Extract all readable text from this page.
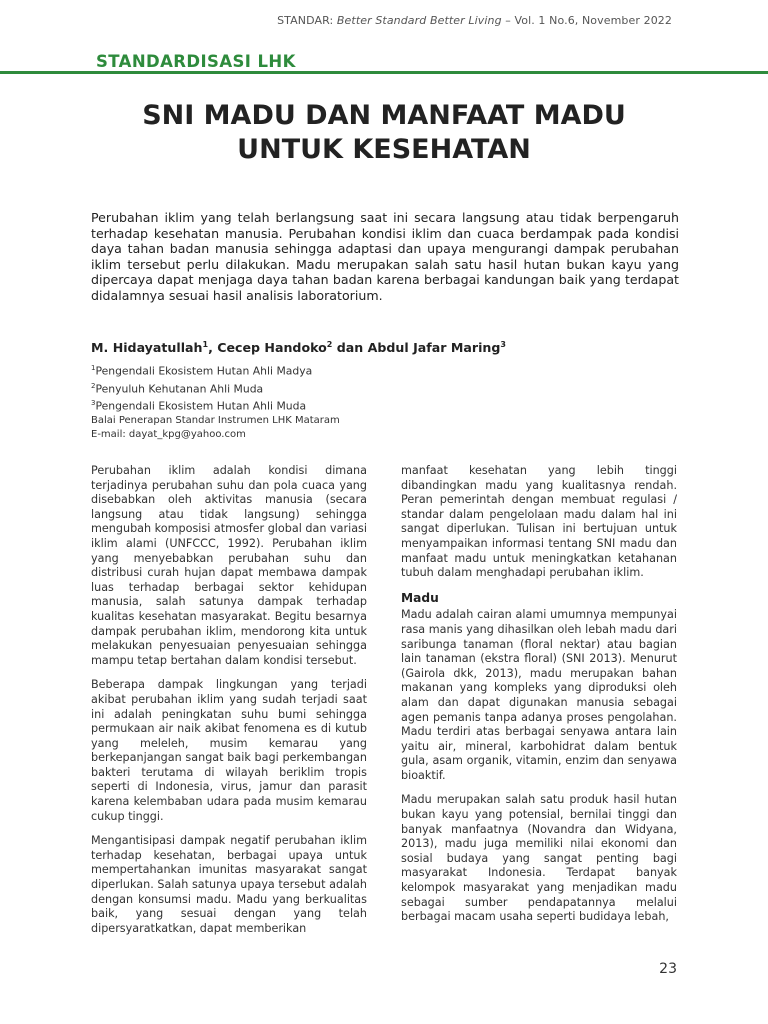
STANDAR: Better Standard Better Living – Vol. 1 No.6, November 2022
STANDARDISASI LHK
SNI MADU DAN MANFAAT MADU
UNTUK KESEHATAN

Perubahan iklim yang telah berlangsung saat ini secara langsung atau tidak berpengaruh terhadap kesehatan manusia. Perubahan kondisi iklim dan cuaca berdampak pada kondisi daya tahan badan manusia sehingga adaptasi dan upaya mengurangi dampak perubahan iklim tersebut perlu dilakukan. Madu merupakan salah satu hasil hutan bukan kayu yang dipercaya dapat menjaga daya tahan badan karena berbagai kandungan baik yang terdapat didalamnya sesuai hasil analisis laboratorium.

M. Hidayatullah$^1$, Cecep Handoko$^2$ dan Abdul Jafar Maring$^3$
$^1$Pengendali Ekosistem Hutan Ahli Madya
$^2$Penyuluh Kehutanan Ahli Muda
$^3$Pengendali Ekosistem Hutan Ahli Muda
Balai Penerapan Standar Instrumen LHK Mataram
E-mail: dayat_kpg@yahoo.com

Perubahan iklim adalah kondisi dimana terjadinya perubahan suhu dan pola cuaca yang disebabkan oleh aktivitas manusia (secara langsung atau tidak langsung) sehingga mengubah komposisi atmosfer global dan variasi iklim alami (UNFCCC, 1992). Perubahan iklim yang menyebabkan perubahan suhu dan distribusi curah hujan dapat membawa dampak luas terhadap berbagai sektor kehidupan manusia, salah satunya dampak terhadap kualitas kesehatan masyarakat. Begitu besarnya dampak perubahan iklim, mendorong kita untuk melakukan penyesuaian penyesuaian sehingga mampu tetap bertahan dalam kondisi tersebut.

Beberapa dampak lingkungan yang terjadi akibat perubahan iklim yang sudah terjadi saat ini adalah peningkatan suhu bumi sehingga permukaan air naik akibat fenomena es di kutub yang meleleh, musim kemarau yang berkepanjangan sangat baik bagi perkembangan bakteri terutama di wilayah beriklim tropis seperti di Indonesia, virus, jamur dan parasit karena kelembaban udara pada musim kemarau cukup tinggi.

Mengantisipasi dampak negatif perubahan iklim terhadap kesehatan, berbagai upaya untuk mempertahankan imunitas masyarakat sangat diperlukan. Salah satunya upaya tersebut adalah dengan konsumsi madu. Madu yang berkualitas baik, yang sesuai dengan yang telah dipersyaratkatkan, dapat memberikan

manfaat kesehatan yang lebih tinggi dibandingkan madu yang kualitasnya rendah. Peran pemerintah dengan membuat regulasi / standar dalam pengelolaan madu dalam hal ini sangat diperlukan. Tulisan ini bertujuan untuk menyampaikan informasi tentang SNI madu dan manfaat madu untuk meningkatkan ketahanan tubuh dalam menghadapi perubahan iklim.

Madu

Madu adalah cairan alami umumnya mempunyai rasa manis yang dihasilkan oleh lebah madu dari saribunga tanaman (floral nektar) atau bagian lain tanaman (ekstra floral) (SNI 2013). Menurut (Gairola dkk, 2013), madu merupakan bahan makanan yang kompleks yang diproduksi oleh alam dan dapat digunakan manusia sebagai agen pemanis tanpa adanya proses pengolahan. Madu terdiri atas berbagai senyawa antara lain yaitu air, mineral, karbohidrat dalam bentuk gula, asam organik, vitamin, enzim dan senyawa bioaktif.

Madu merupakan salah satu produk hasil hutan bukan kayu yang potensial, bernilai tinggi dan banyak manfaatnya (Novandra dan Widyana, 2013), madu juga memiliki nilai ekonomi dan sosial budaya yang sangat penting bagi masyarakat Indonesia. Terdapat banyak kelompok masyarakat yang menjadikan madu sebagai sumber pendapatannya melalui berbagai macam usaha seperti budidaya lebah,

23
